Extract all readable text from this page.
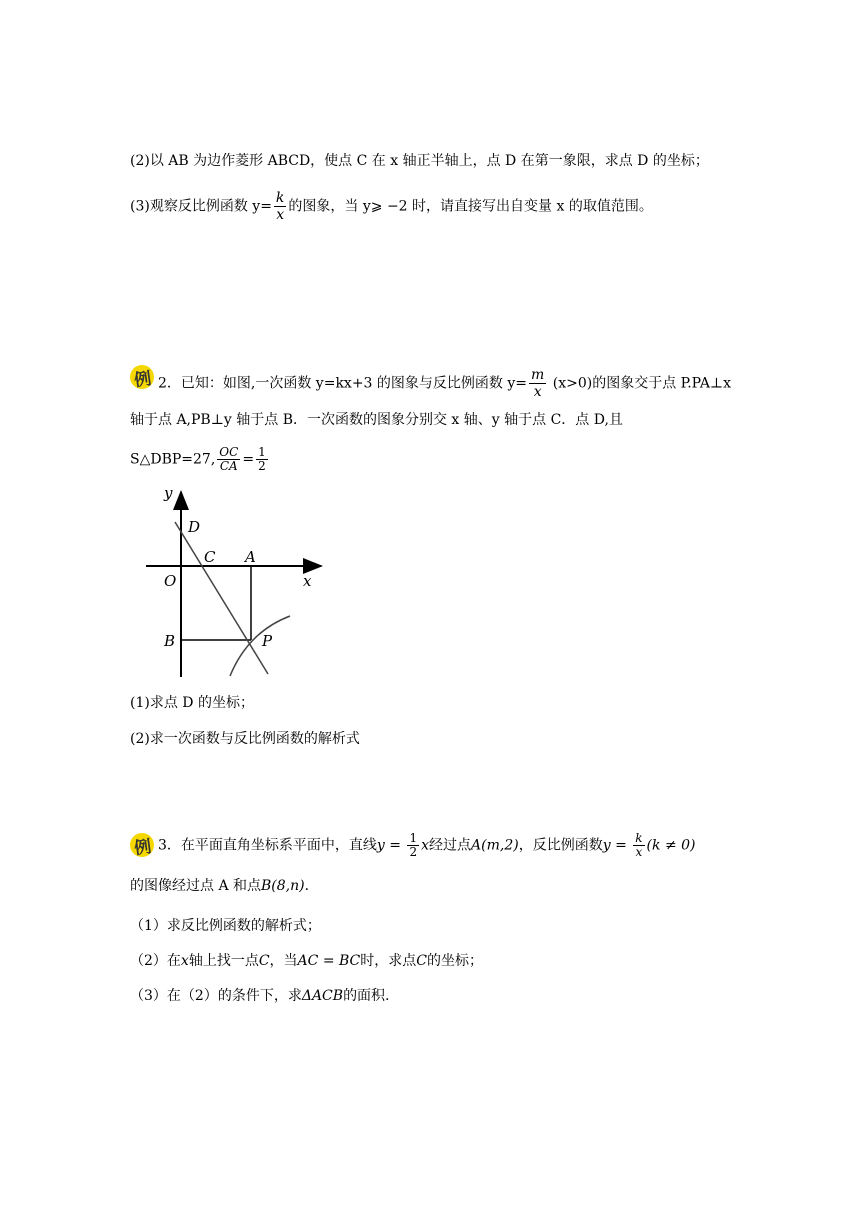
(2)以 AB 为边作菱形 ABCD，使点 C 在 x 轴正半轴上，点 D 在第一象限，求点 D 的坐标；
(3)观察反比例函数 $y= \frac{k}{x}$ 的图象，当 y⩾ −2 时，请直接写出自变量 x 的取值范围。
例 2．已知：如图,一次函数 y=kx+3 的图象与反比例函数 $y= \frac{m}{x} (x>0)$的图象交于点 P.PA⊥x
轴于点 A,PB⊥y 轴于点 B．一次函数的图象分别交 x 轴、y 轴于点 C．点 D,且
S△DBP=27, $\frac{OC}{CA} = \frac{1}{2}$
y
x
O
D
C A
B	P
(1)求点 D 的坐标；
(2)求一次函数与反比例函数的解析式
例 3．在平面直角坐标系平面中，直线$y = \frac{1}{2}$ x经过点A(m,2)，反比例函数$y = \frac{k}{x} (k \ne 0)$
的图像经过点 A 和点B(8,n)．
（1）求反比例函数的解析式；
（2）在x轴上找一点C，当AC = BC时，求点C的坐标；
（3）在（2）的条件下，求ΔACB的面积.
